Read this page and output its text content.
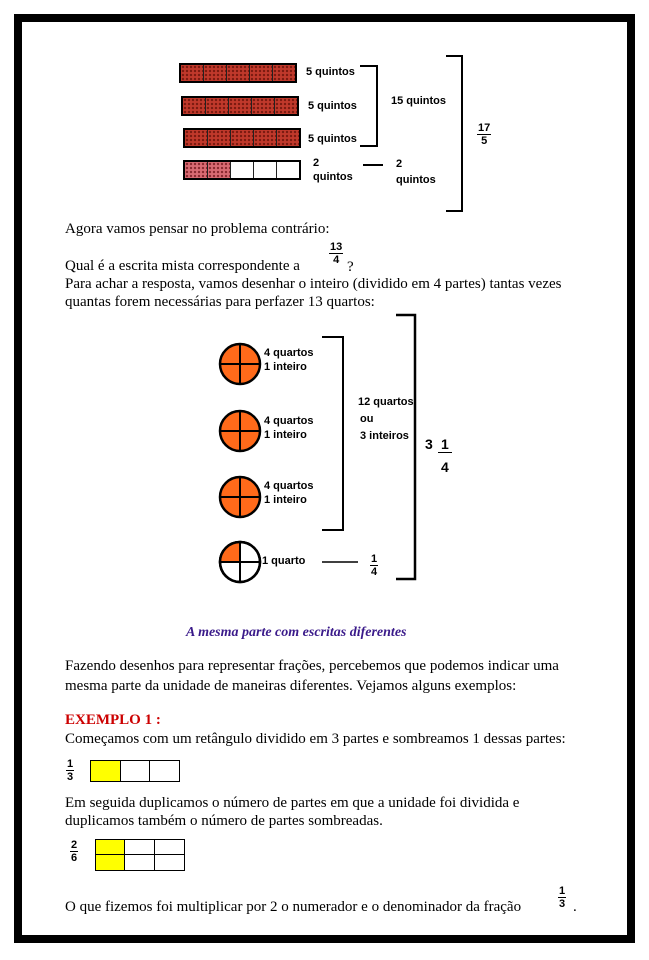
5 quintos
5 quintos
5 quintos
2
quintos
2
quintos
15 quintos
$\frac{17}{5}$
Agora vamos pensar no problema contrário:
Qual é a escrita mista correspondente a	$\frac{13}{4}$
?
Para achar a resposta, vamos desenhar o inteiro (dividido em 4 partes) tantas vezes
quantas forem necessárias para perfazer 13 quartos:
4 quartos
1 inteiro
4 quartos
1 inteiro
4 quartos
1 inteiro
1 quarto
12 quartos
ou
3 inteiros
$\frac{1}{4}$
$3 \frac{1}{4}$
A mesma parte com escritas diferentes
Fazendo desenhos para representar frações, percebemos que podemos indicar uma
mesma parte da unidade de maneiras diferentes. Vejamos alguns exemplos:
EXEMPLO 1 :
Começamos com um retângulo dividido em 3 partes e sombreamos 1 dessas partes:
$\frac{1}{3}$
Em seguida duplicamos o número de partes em que a unidade foi dividida e
duplicamos também o número de partes sombreadas.
$\frac{2}{6}$
O que fizemos foi multiplicar por 2 o numerador e o denominador da fração	$\frac{1}{3}$ .
